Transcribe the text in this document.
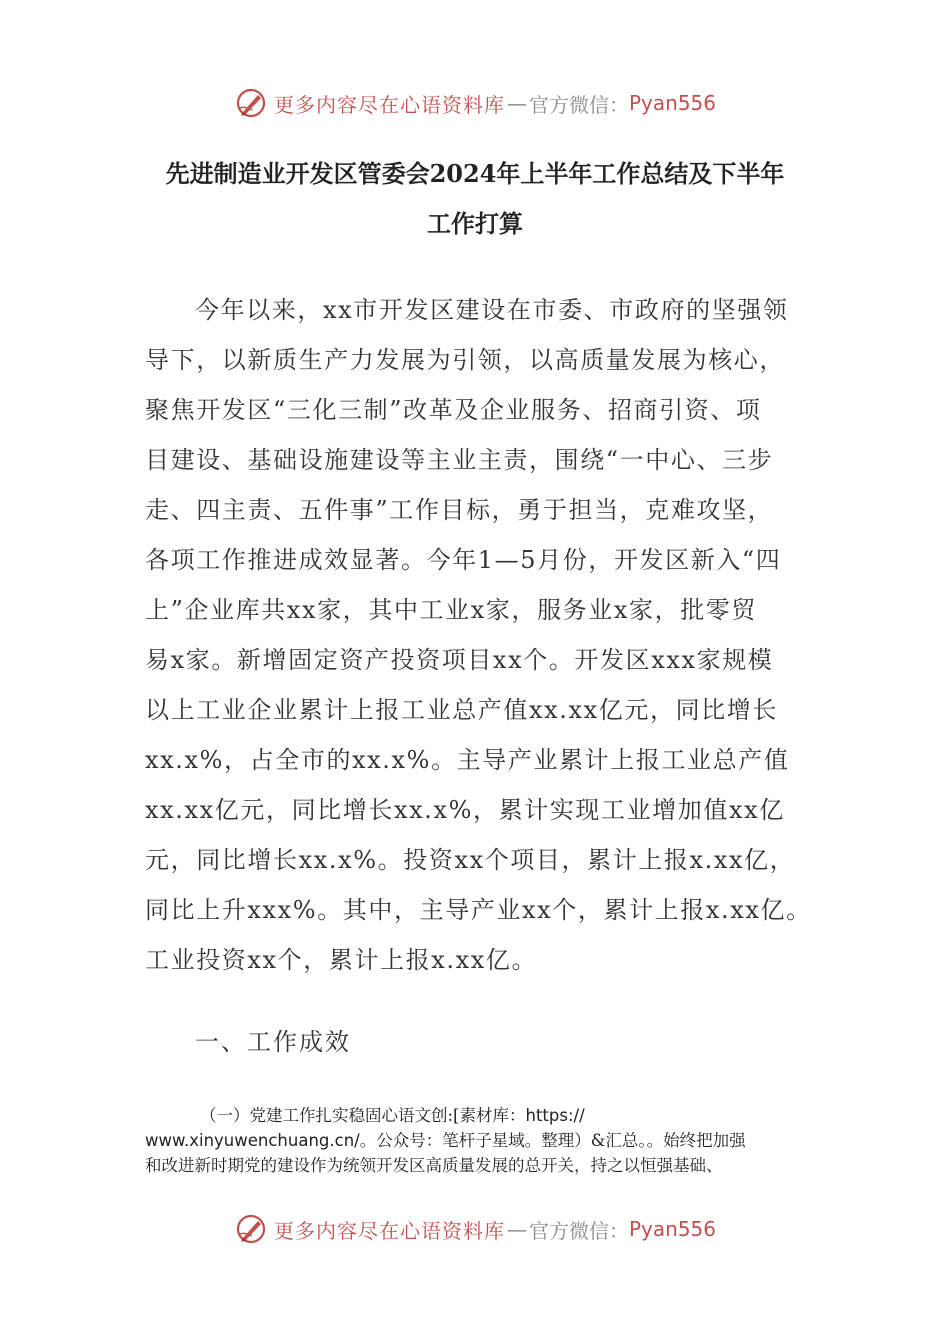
更多内容尽在心语资料库 — 官方微信： Pyan556
先进制造业开发区管委会2024年上半年工作总结及下半年
工作打算
今年以来，xx市开发区建设在市委、市政府的坚强领
导下，以新质生产力发展为引领，以高质量发展为核心，
聚焦开发区“三化三制”改革及企业服务、招商引资、项
目建设、基础设施建设等主业主责，围绕“一中心、三步
走、四主责、五件事”工作目标，勇于担当，克难攻坚，
各项工作推进成效显著。今年1—5月份，开发区新入“四
上”企业库共xx家，其中工业x家，服务业x家，批零贸
易x家。新增固定资产投资项目xx个。开发区xxx家规模
以上工业企业累计上报工业总产值xx.xx亿元，同比增长
xx.x%，占全市的xx.x%。主导产业累计上报工业总产值
xx.xx亿元，同比增长xx.x%，累计实现工业增加值xx亿
元，同比增长xx.x%。投资xx个项目，累计上报x.xx亿，
同比上升xxx%。其中，主导产业xx个，累计上报x.xx亿。
工业投资xx个，累计上报x.xx亿。
一、工作成效
（一）党建工作扎实稳固心语文创:[素材库：https://
www.xinyuwenchuang.cn/。公众号：笔杆子星域。整理）&汇总。。始终把加强
和改进新时期党的建设作为统领开发区高质量发展的总开关，持之以恒强基础、
更多内容尽在心语资料库 — 官方微信： Pyan556
